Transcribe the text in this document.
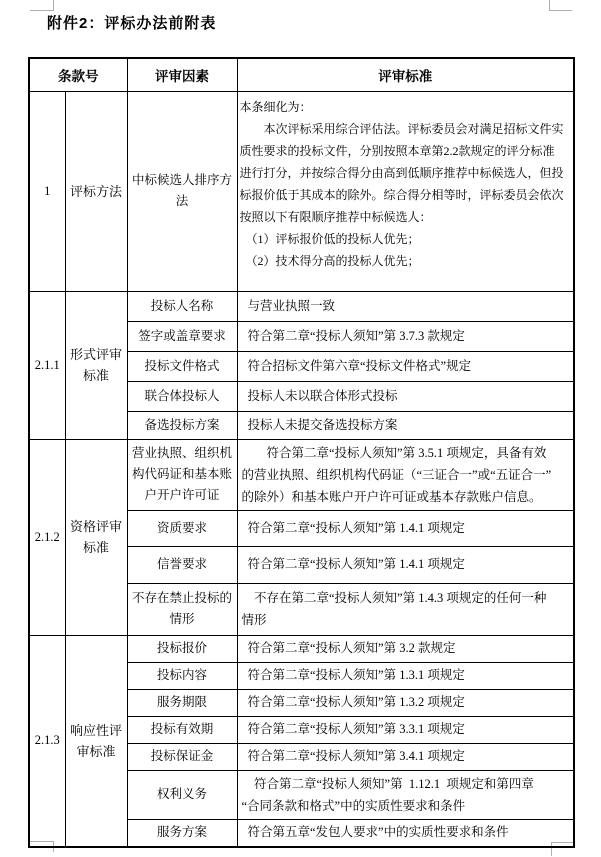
附件2：评标办法前附表
条款号		评审因素	评审标准
1	评标方法	中标候选人排序方法	本条细化为：
　　本次评标采用综合评估法。评标委员会对满足招标文件实
质性要求的投标文件，分别按照本章第2.2款规定的评分标准
进行打分，并按综合得分由高到低顺序推荐中标候选人，但投
标报价低于其成本的除外。综合得分相等时，评标委员会依次
按照以下有限顺序推荐中标候选人：
　（1）评标报价低的投标人优先；
　（2）技术得分高的投标人优先；
2.1.1	形式评审标准	投标人名称	与营业执照一致
		签字或盖章要求	符合第二章“投标人须知”第 3.7.3 款规定
		投标文件格式	符合招标文件第六章“投标文件格式”规定
		联合体投标人	投标人未以联合体形式投标
		备选投标方案	投标人未提交备选投标方案
2.1.2	资格评审标准	营业执照、组织机构代码证和基本账户开户许可证	　　符合第二章“投标人须知”第 3.5.1 项规定，具备有效
的营业执照、组织机构代码证（“三证合一”或“五证合一”
的除外）和基本账户开户许可证或基本存款账户信息。
		资质要求	符合第二章“投标人须知”第 1.4.1 项规定
		信誉要求	符合第二章“投标人须知”第 1.4.1 项规定
		不存在禁止投标的情形	　不存在第二章“投标人须知”第 1.4.3 项规定的任何一种
情形
2.1.3	响应性评审标准	投标报价	符合第二章“投标人须知”第 3.2 款规定
		投标内容	符合第二章“投标人须知”第 1.3.1 项规定
		服务期限	符合第二章“投标人须知”第 1.3.2 项规定
		投标有效期	符合第二章“投标人须知”第 3.3.1 项规定
		投标保证金	符合第二章“投标人须知”第 3.4.1 项规定
		权利义务	　符合第二章“投标人须知”第  1.12.1  项规定和第四章
“合同条款和格式”中的实质性要求和条件
		服务方案	符合第五章“发包人要求”中的实质性要求和条件
